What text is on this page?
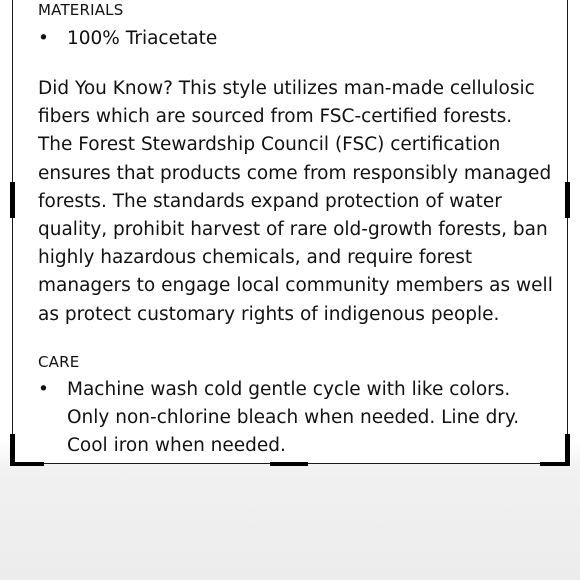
MATERIALS

• 100% Triacetate
Did You Know? This style utilizes man-made cellulosic
fibers which are sourced from FSC-certified forests.
The Forest Stewardship Council (FSC) certification
ensures that products come from responsibly managed
forests. The standards expand protection of water
quality, prohibit harvest of rare old-growth forests, ban
highly hazardous chemicals, and require forest
managers to engage local community members as well
as protect customary rights of indigenous people.

CARE

• Machine wash cold gentle cycle with like colors.
Only non-chlorine bleach when needed. Line dry.
Cool iron when needed.
